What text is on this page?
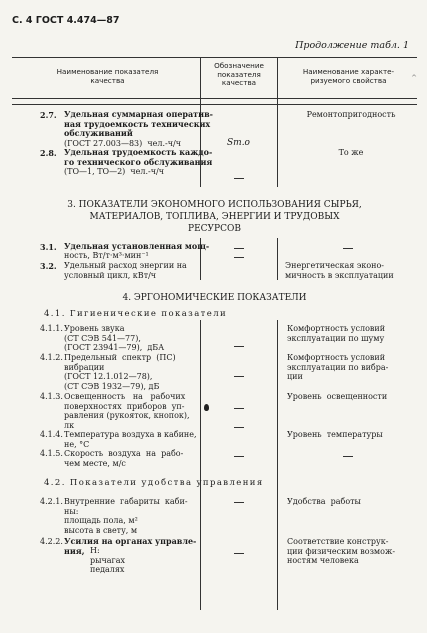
С. 4 ГОСТ 4.474—87
Продолжение табл. 1
^
Наименование показателя
качества
Обозначение
показателя
качества
Наименование характе-
ризуемого свойства
2.7. Удельная суммарная оператив-
ная трудоемкость технических
обслуживаний
(ГОСТ 27.003—83)  чел.-ч/ч	Sт.о
Ремонтопригодность
2.8. Удельная трудоемкость каждо-
го технического обслуживания
(ТО—1, ТО—2)  чел.-ч/ч
То же
3. ПОКАЗАТЕЛИ ЭКОНОМНОГО ИСПОЛЬЗОВАНИЯ СЫРЬЯ,
МАТЕРИАЛОВ, ТОПЛИВА, ЭНЕРГИИ И ТРУДОВЫХ
РЕСУРСОВ
3.1. Удельная установленная мощ-
ность, Вт/т·м³·мин⁻¹
3.2. Удельный расход энергии на
условный цикл, кВт/ч
Энергетическая эконо-
мичность в эксплуатации
4. ЭРГОНОМИЧЕСКИЕ ПОКАЗАТЕЛИ
4.1. Гигиенические показатели
4.1.1. Уровень звука
(СТ СЭВ 541—77),
(ГОСТ 23941—79),  дБА
Комфортность условий
эксплуатации по шуму
4.1.2. Предельный  спектр  (ПС)
вибрации
(ГОСТ 12.1.012—78),
(СТ СЭВ 1932—79), дБ
Комфортность условий
эксплуатации по вибра-
ции
4.1.3. Освещенность   на   рабочих
поверхностях  приборов  уп-
равления (рукояток, кнопок),
лк
Уровень  освещенности
4.1.4. Температура воздуха в кабине,
не, °С
Уровень  температуры
4.1.5. Скорость  воздуха  на  рабо-
чем месте, м/с
4.2. Показатели удобства управления
4.2.1. Внутренние  габариты  каби-
ны:
площадь пола, м²
высота в свету, м
Удобства  работы
4.2.2. Усилия на органах управле-
ния, Н:
рычагах
педалях
Соответствие конструк-
ции физическим возмож-
ностям человека
